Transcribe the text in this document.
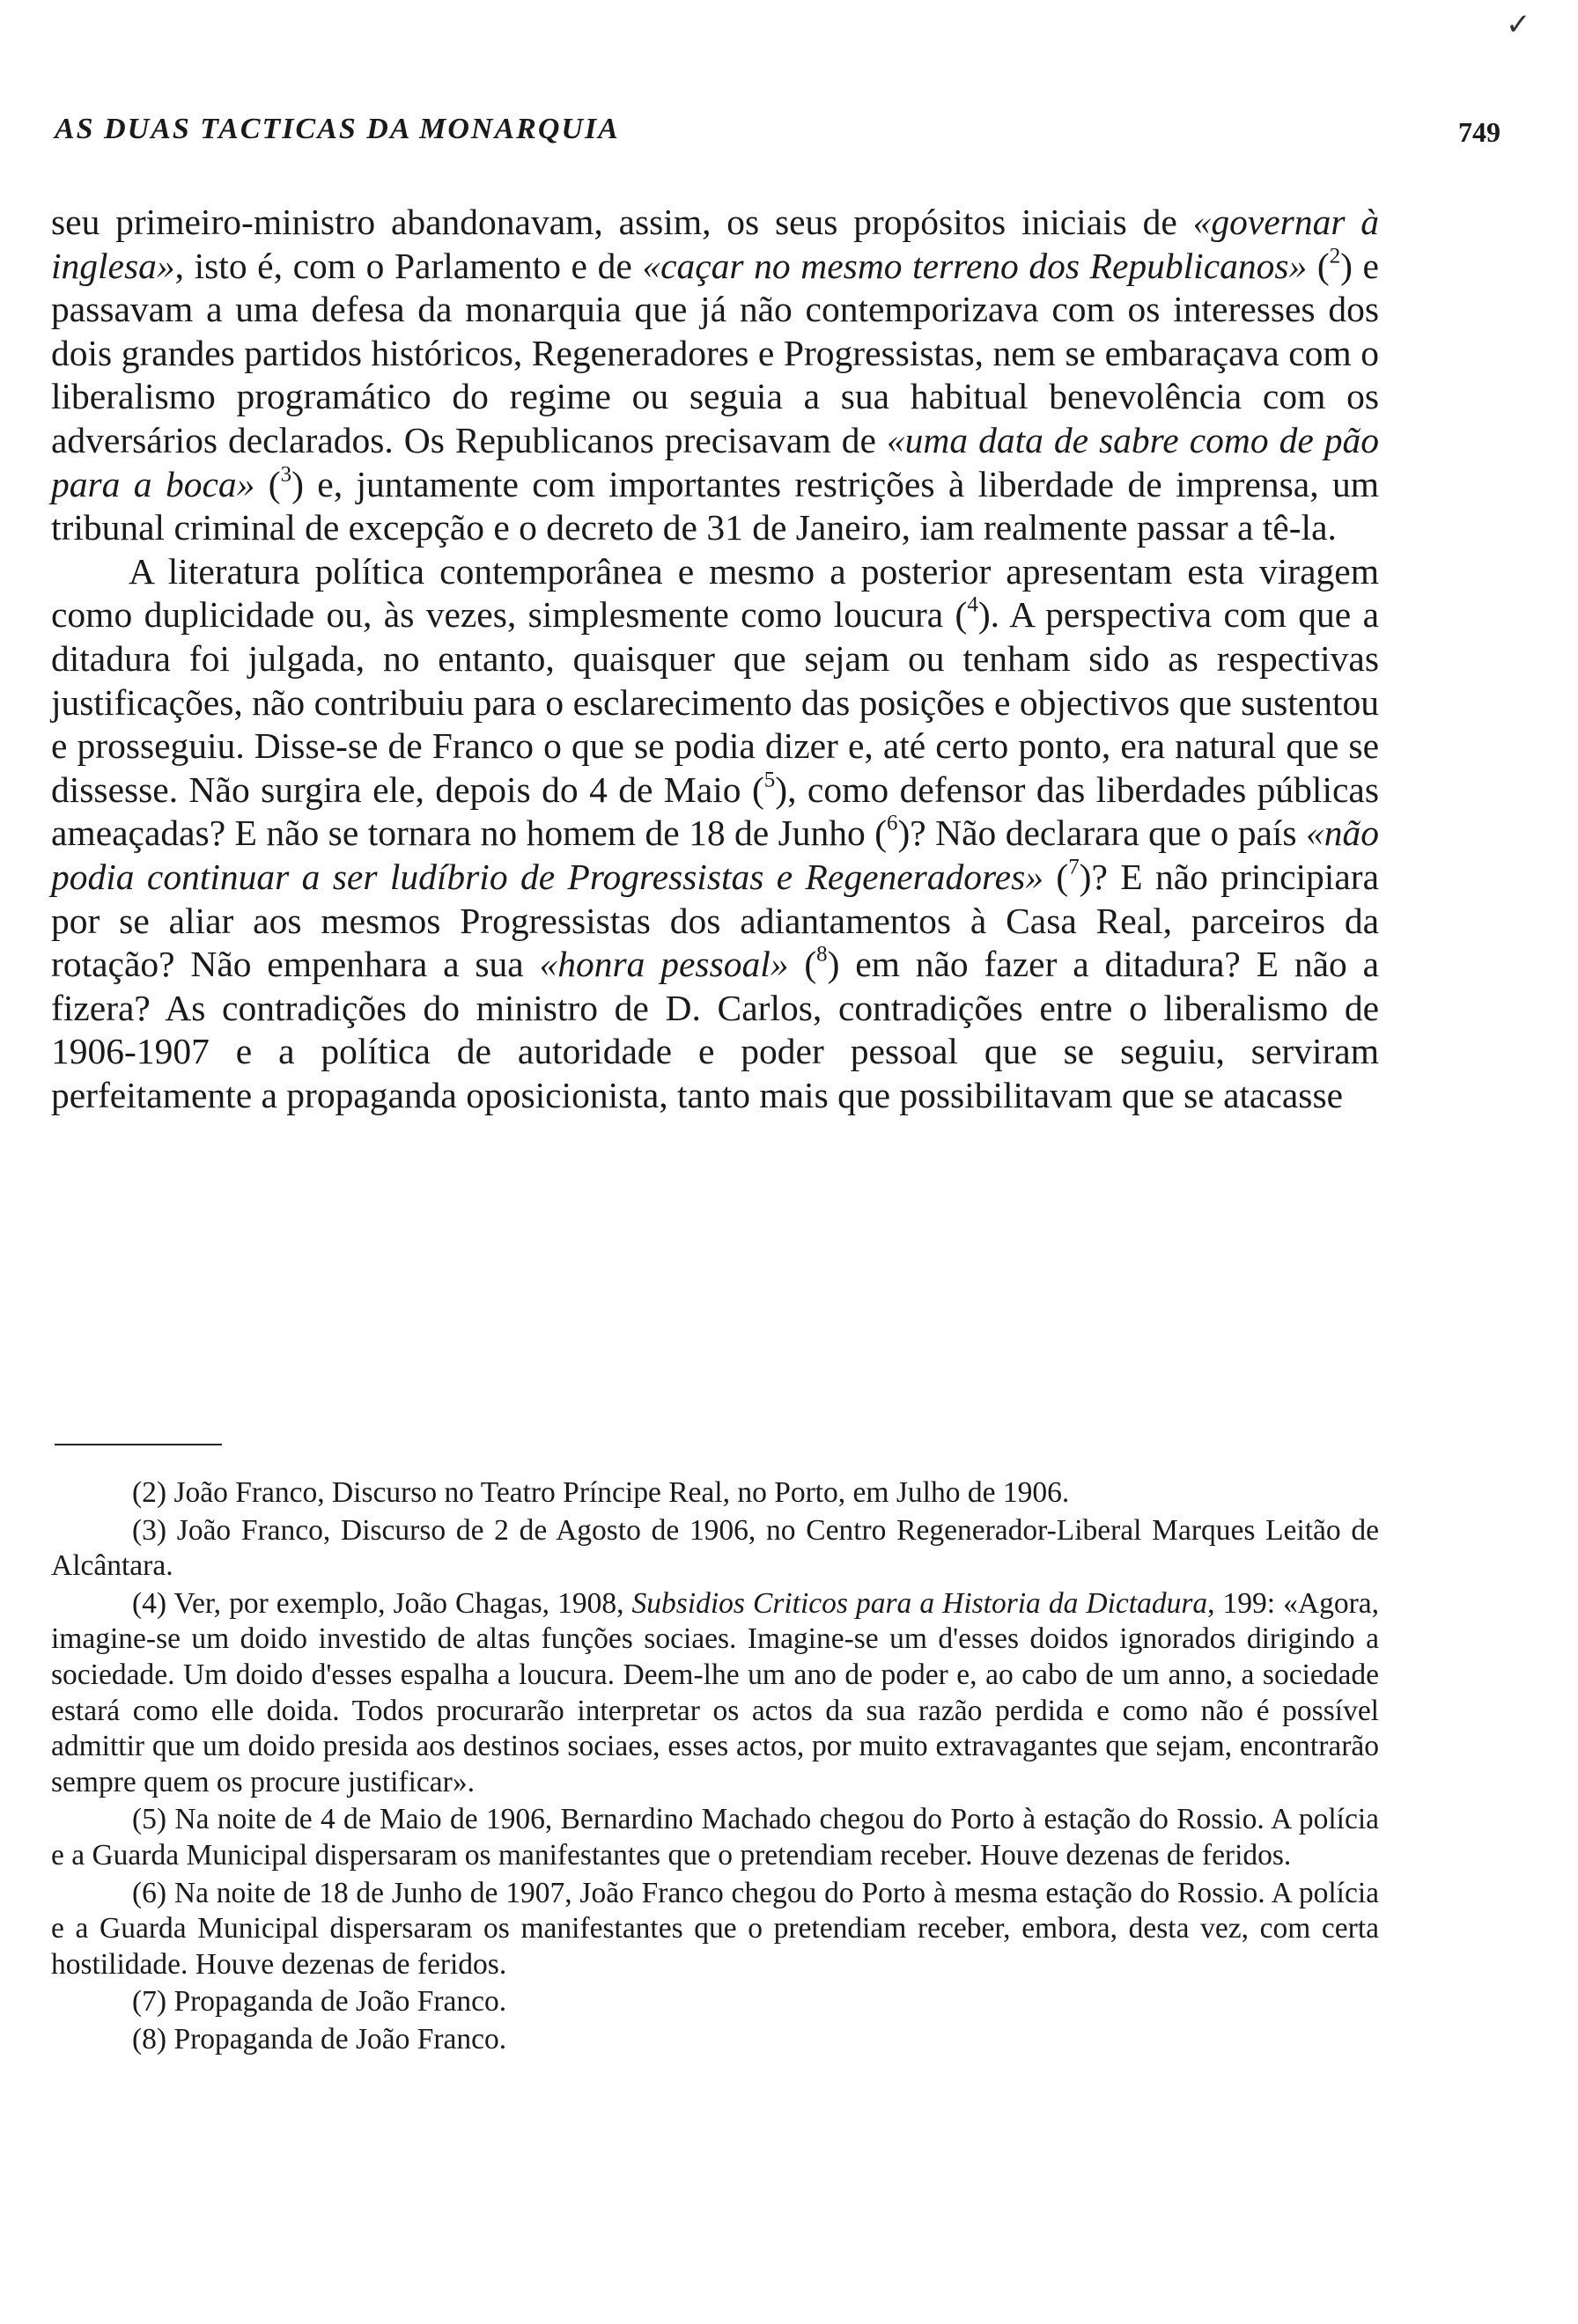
✓
AS DUAS TACTICAS DA MONARQUIA	749

seu primeiro-ministro abandonavam, assim, os seus propósitos iniciais de «governar à inglesa», isto é, com o Parlamento e de «caçar no mesmo terreno dos Republicanos» ($^2$) e passavam a uma defesa da monarquia que já não contemporizava com os interesses dos dois grandes partidos históricos, Regeneradores e Progressistas, nem se embaraçava com o liberalismo programático do regime ou seguia a sua habitual benevolência com os adversários declarados. Os Republicanos precisavam de «uma data de sabre como de pão para a boca» ($^3$) e, juntamente com importantes restrições à liberdade de imprensa, um tribunal criminal de excepção e o decreto de 31 de Janeiro, iam realmente passar a tê-la.

A literatura política contemporânea e mesmo a posterior apresentam esta viragem como duplicidade ou, às vezes, simplesmente como loucura ($^4$). A perspectiva com que a ditadura foi julgada, no entanto, quaisquer que sejam ou tenham sido as respectivas justificações, não contribuiu para o esclarecimento das posições e objectivos que sustentou e prosseguiu. Disse-se de Franco o que se podia dizer e, até certo ponto, era natural que se dissesse. Não surgira ele, depois do 4 de Maio ($^5$), como defensor das liberdades públicas ameaçadas? E não se tornara no homem de 18 de Junho ($^6$)? Não declarara que o país «não podia continuar a ser ludíbrio de Progressistas e Regeneradores» ($^7$)? E não principiara por se aliar aos mesmos Progressistas dos adiantamentos à Casa Real, parceiros da rotação? Não empenhara a sua «honra pessoal» ($^8$) em não fazer a ditadura? E não a fizera? As contradições do ministro de D. Carlos, contradições entre o liberalismo de 1906-1907 e a política de autoridade e poder pessoal que se seguiu, serviram perfeitamente a propaganda oposicionista, tanto mais que possibilitavam que se atacasse

(2) João Franco, Discurso no Teatro Príncipe Real, no Porto, em Julho de 1906.

(3) João Franco, Discurso de 2 de Agosto de 1906, no Centro Regenerador-Liberal Marques Leitão de Alcântara.

(4) Ver, por exemplo, João Chagas, 1908, Subsidios Criticos para a Historia da Dictadura, 199: «Agora, imagine-se um doido investido de altas funções sociaes. Imagine-se um d'esses doidos ignorados dirigindo a sociedade. Um doido d'esses espalha a loucura. Deem-lhe um ano de poder e, ao cabo de um anno, a sociedade estará como elle doida. Todos procurarão interpretar os actos da sua razão perdida e como não é possível admittir que um doido presida aos destinos sociaes, esses actos, por muito extravagantes que sejam, encontrarão sempre quem os procure justificar».

(5) Na noite de 4 de Maio de 1906, Bernardino Machado chegou do Porto à estação do Rossio. A polícia e a Guarda Municipal dispersaram os manifestantes que o pretendiam receber. Houve dezenas de feridos.

(6) Na noite de 18 de Junho de 1907, João Franco chegou do Porto à mesma estação do Rossio. A polícia e a Guarda Municipal dispersaram os manifestantes que o pretendiam receber, embora, desta vez, com certa hostilidade. Houve dezenas de feridos.

(7) Propaganda de João Franco.

(8) Propaganda de João Franco.
